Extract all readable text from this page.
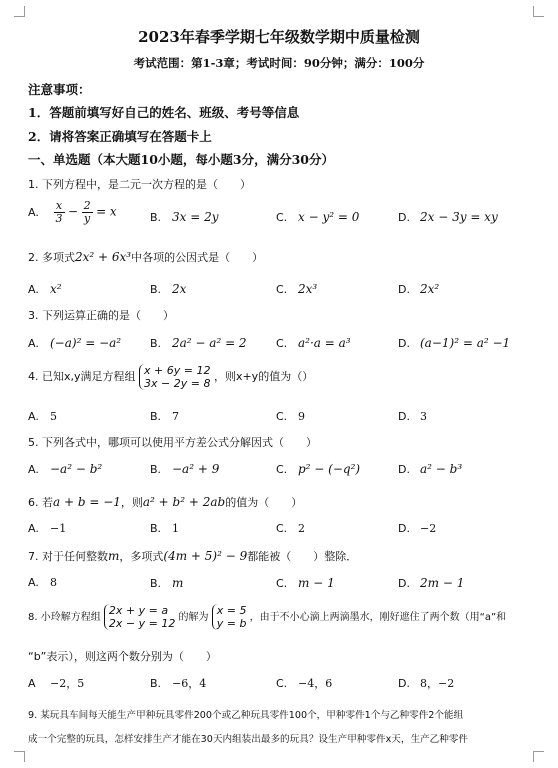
2023年春季学期七年级数学期中质量检测
考试范围：第1-3章；考试时间：90分钟；满分：100分
注意事项：
1．答题前填写好自己的姓名、班级、考号等信息
2．请将答案正确填写在答题卡上
一、单选题（本大题10小题，每小题3分，满分30分）
1. 下列方程中，是二元一次方程的是（　　）
A. $\frac{x}{3} - \frac{2}{y} = x$	B. 3x = 2y	C. x − y² = 0	D. 2x − 3y = xy
2. 多项式2x² + 6x³中各项的公因式是（　　）
A. x²	B. 2x	C. 2x³	D. 2x²
3. 下列运算正确的是（　　）
A. (−a)² = −a²	B. 2a² − a² = 2	C. a²·a = a³	D. (a−1)² = a² −1
4. 已知x,y满足方程组 x + 6y = 12
3x − 2y = 8
，则x+y的值为（）
A. 5	B. 7	C. 9	D. 3
5. 下列各式中，哪项可以使用平方差公式分解因式（　　）
A. −a² − b²	B. −a² + 9	C. p² − (−q²)	D. a² − b³
6. 若a + b = −1，则a² + b² + 2ab的值为（　　）
A. −1	B. 1	C. 2	D. −2
7. 对于任何整数m，多项式(4m + 5)² − 9都能被（　　）整除．
A. 8	B. m	C. m − 1	D. 2m − 1
8. 小玲解方程组
2x + y = a
2x − y = 12 的解为
x = 5
y = b ，由于不小心滴上两滴墨水，刚好遮住了两个数（用“a”和
“b”表示），则这两个数分别为（　　）
A −2，5	B. −6，4	C. −4，6	D. 8，−2
9. 某玩具车间每天能生产甲种玩具零件200个或乙种玩具零件100个，甲种零件1个与乙种零件2个能组
成一个完整的玩具，怎样安排生产才能在30天内组装出最多的玩具？设生产甲种零件x天，生产乙种零件
